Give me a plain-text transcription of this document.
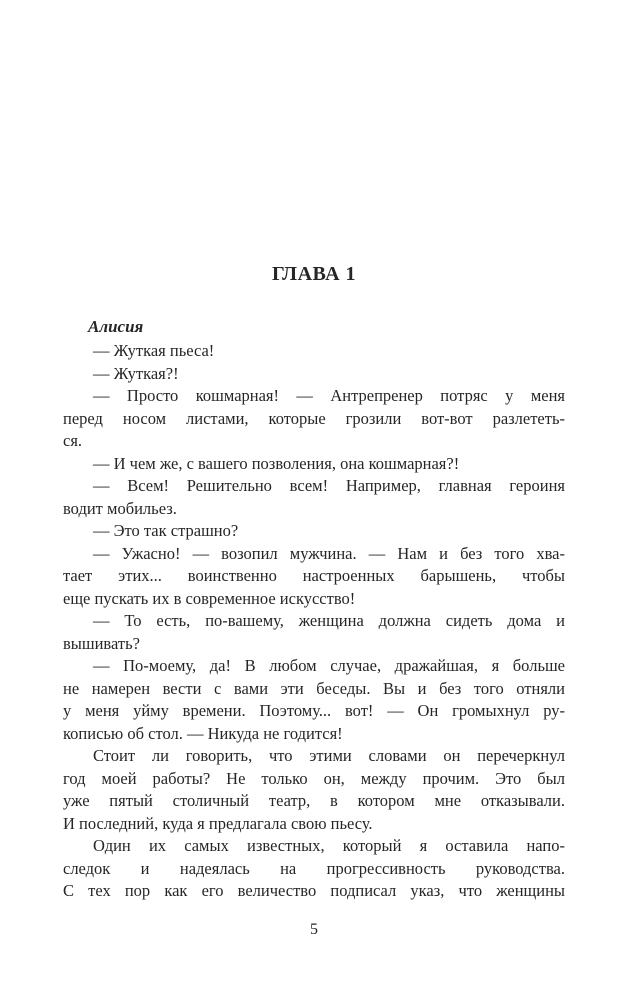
ГЛАВА 1
Алисия
— Жуткая пьеса!
— Жуткая?!
— Просто кошмарная! — Антрепренер потряс у меня
перед носом листами, которые грозили вот-вот разлететь-
ся.
— И чем же, с вашего позволения, она кошмарная?!
— Всем! Решительно всем! Например, главная героиня
водит мобильез.
— Это так страшно?
— Ужасно! — возопил мужчина. — Нам и без того хва-
тает этих... воинственно настроенных барышень, чтобы
еще пускать их в современное искусство!
— То есть, по-вашему, женщина должна сидеть дома и
вышивать?
— По-моему, да! В любом случае, дражайшая, я больше
не намерен вести с вами эти беседы. Вы и без того отняли
у меня уйму времени. Поэтому... вот! — Он громыхнул ру-
кописью об стол. — Никуда не годится!
Стоит ли говорить, что этими словами он перечеркнул
год моей работы? Не только он, между прочим. Это был
уже пятый столичный театр, в котором мне отказывали.
И последний, куда я предлагала свою пьесу.
Один их самых известных, который я оставила напо-
следок и надеялась на прогрессивность руководства.
С тех пор как его величество подписал указ, что женщины
5
